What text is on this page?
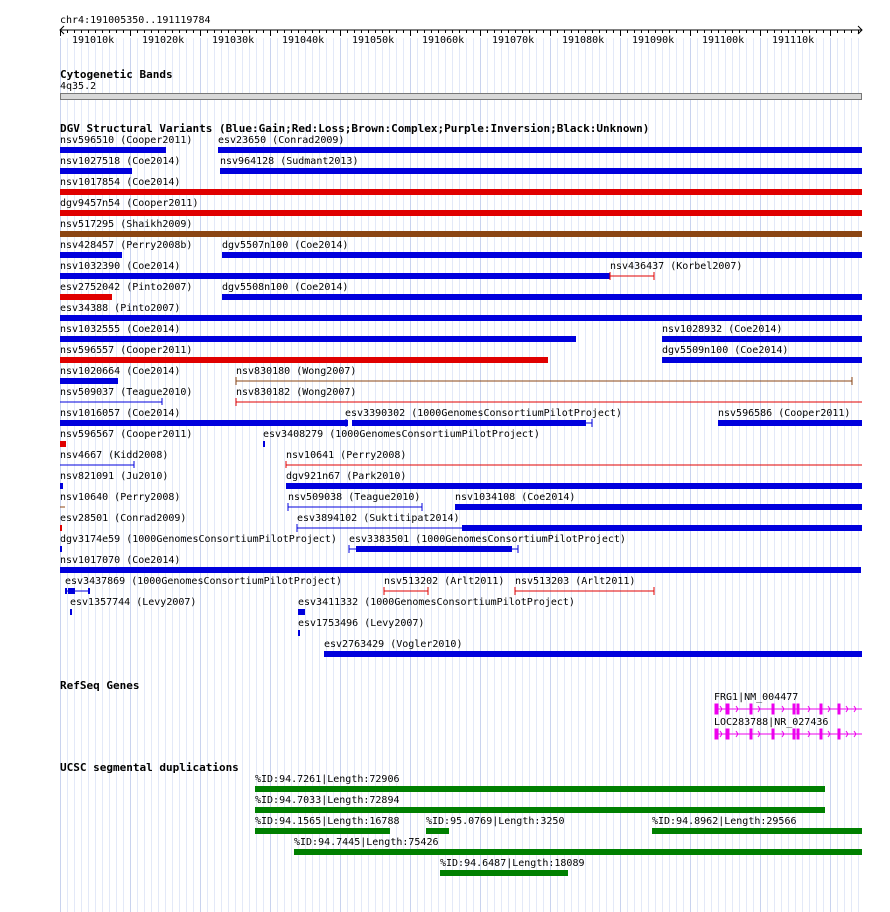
chr4:191005350..191119784
191010k	191020k	191030k	191040k	191050k	191060k	191070k	191080k	191090k	191100k	191110k
Cytogenetic Bands
4q35.2
DGV Structural Variants (Blue:Gain;Red:Loss;Brown:Complex;Purple:Inversion;Black:Unknown)
nsv596510 (Cooper2011)	esv23650 (Conrad2009)
nsv1027518 (Coe2014)	nsv964128 (Sudmant2013)
nsv1017854 (Coe2014)
dgv9457n54 (Cooper2011)
nsv517295 (Shaikh2009)
nsv428457 (Perry2008b)	dgv5507n100 (Coe2014)
nsv1032390 (Coe2014)	nsv436437 (Korbel2007)
esv2752042 (Pinto2007)	dgv5508n100 (Coe2014)
esv34388 (Pinto2007)
nsv1032555 (Coe2014)	nsv1028932 (Coe2014)
nsv596557 (Cooper2011)	dgv5509n100 (Coe2014)
nsv1020664 (Coe2014)	nsv830180 (Wong2007)
nsv509037 (Teague2010)	nsv830182 (Wong2007)
nsv1016057 (Coe2014)	esv3390302 (1000GenomesConsortiumPilotProject)	nsv596586 (Cooper2011)
nsv596567 (Cooper2011)	esv3408279 (1000GenomesConsortiumPilotProject)
nsv4667 (Kidd2008)	nsv10641 (Perry2008)
nsv821091 (Ju2010)	dgv921n67 (Park2010)
nsv10640 (Perry2008)	nsv509038 (Teague2010)	nsv1034108 (Coe2014)
esv28501 (Conrad2009)	esv3894102 (Suktitipat2014)
dgv3174e59 (1000GenomesConsortiumPilotProject) esv3383501 (1000GenomesConsortiumPilotProject)
nsv1017070 (Coe2014)
esv3437869 (1000GenomesConsortiumPilotProject)	nsv513202 (Arlt2011) nsv513203 (Arlt2011)
esv1357744 (Levy2007)	esv3411332 (1000GenomesConsortiumPilotProject)
esv1753496 (Levy2007)
esv2763429 (Vogler2010)
RefSeq Genes
FRG1|NM_004477
LOC283788|NR_027436
UCSC segmental duplications
%ID:94.7261|Length:72906
%ID:94.7033|Length:72894
%ID:94.1565|Length:16788	%ID:95.0769|Length:3250	%ID:94.8962|Length:29566
%ID:94.7445|Length:75426
%ID:94.6487|Length:18089
